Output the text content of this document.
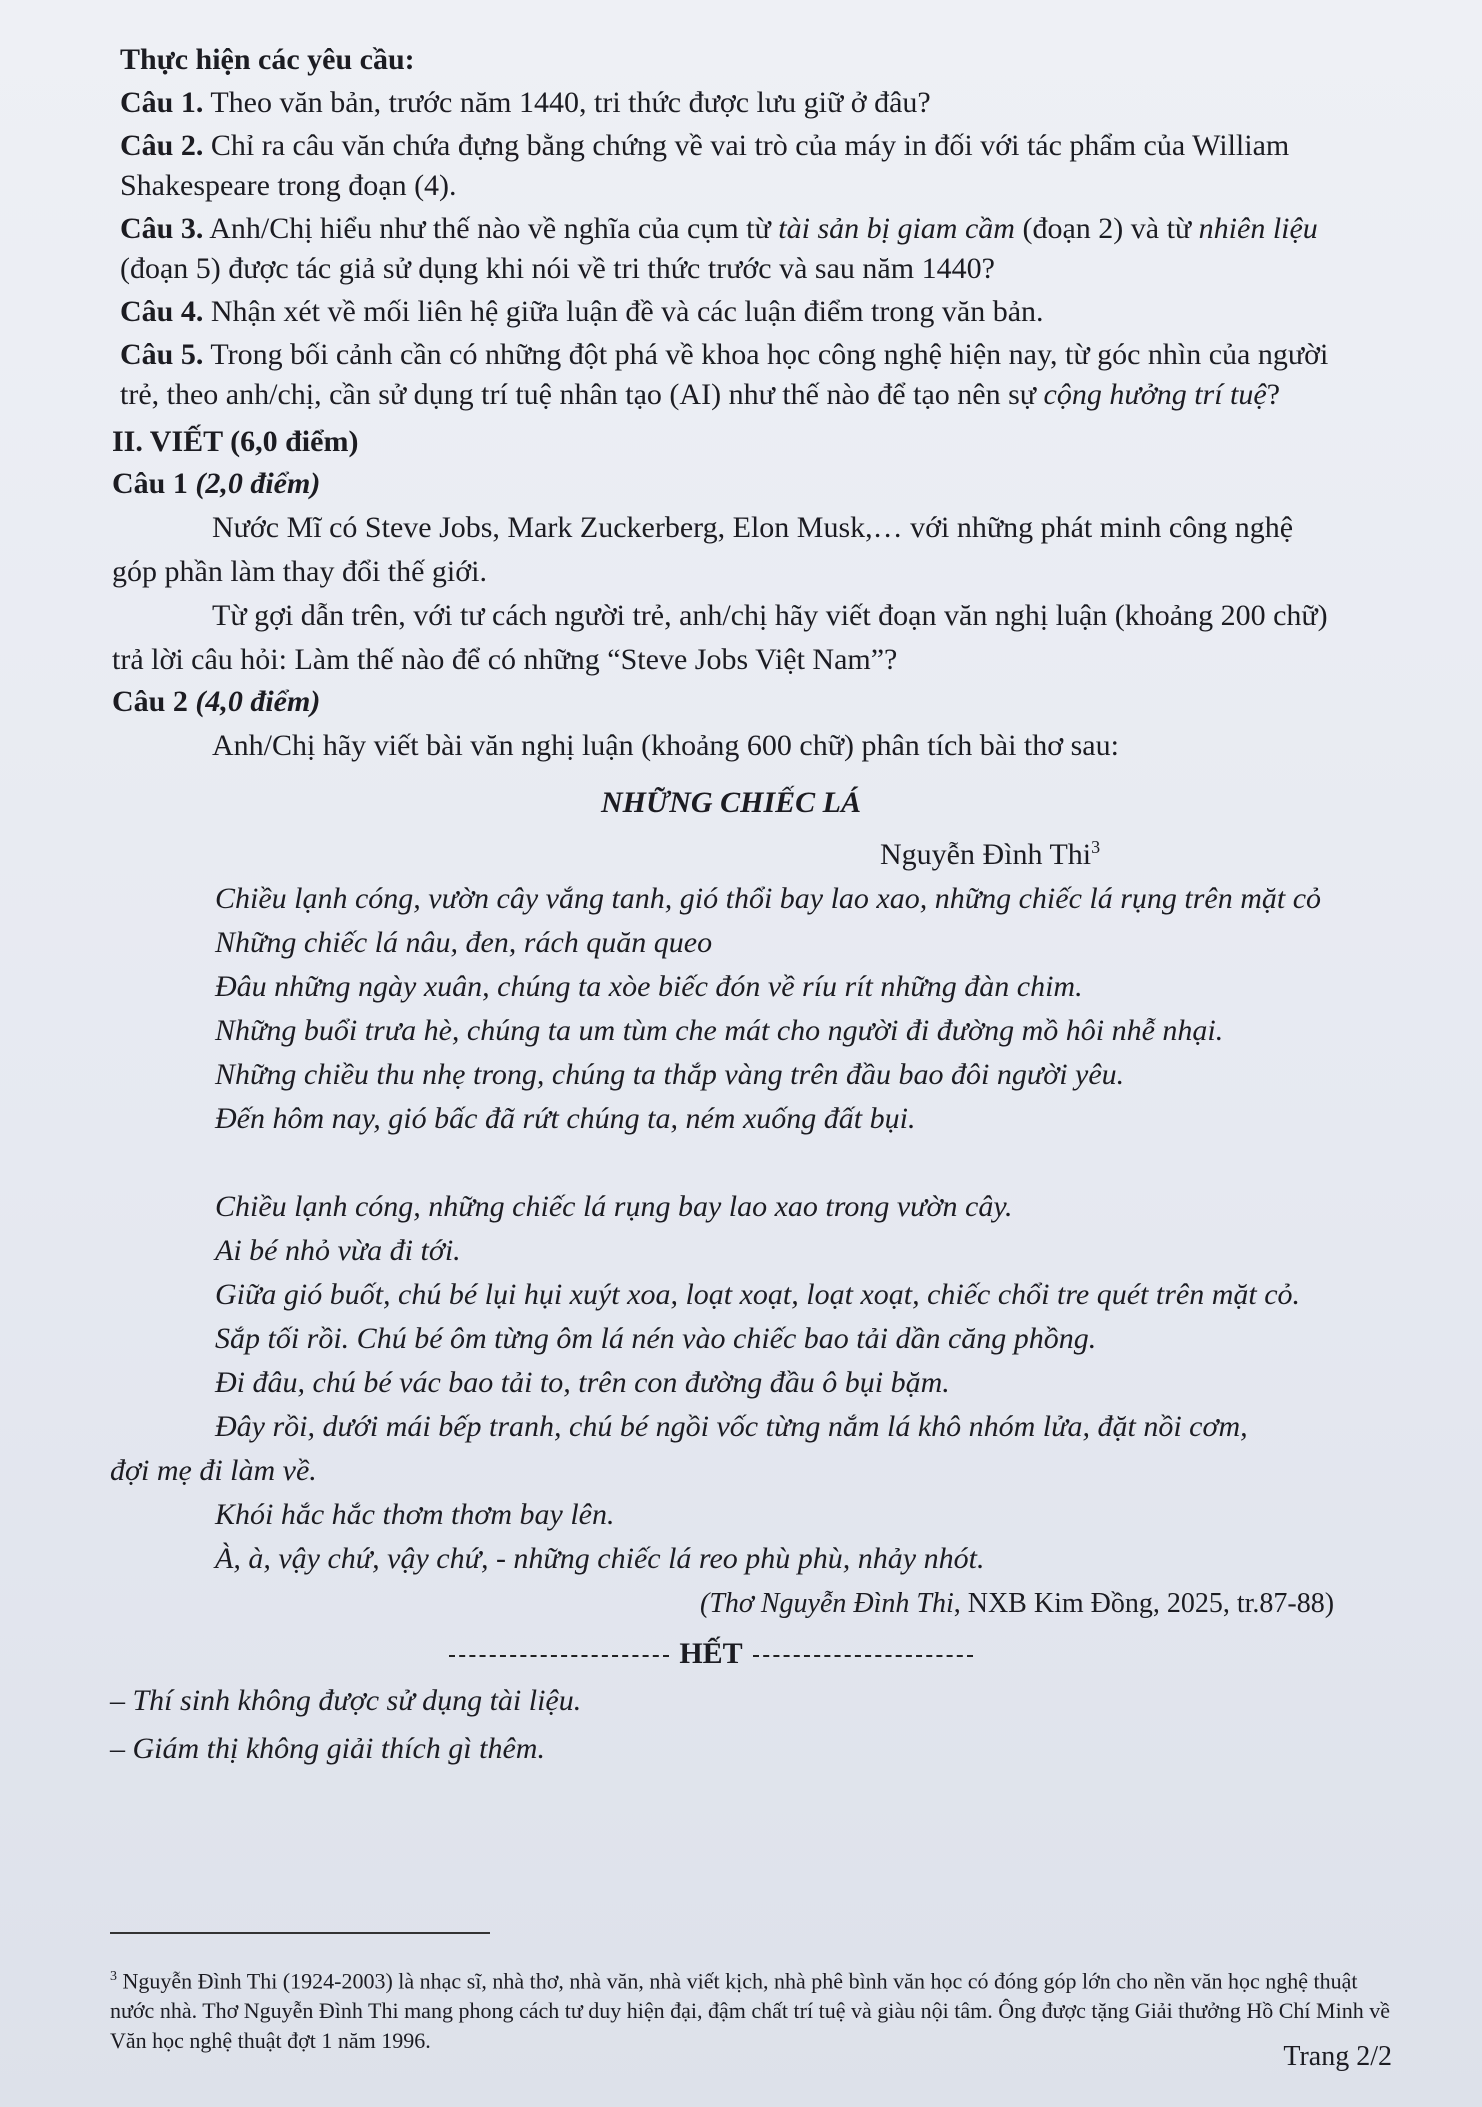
Thực hiện các yêu cầu:

Câu 1. Theo văn bản, trước năm 1440, tri thức được lưu giữ ở đâu?

Câu 2. Chỉ ra câu văn chứa đựng bằng chứng về vai trò của máy in đối với tác phẩm của William

Shakespeare trong đoạn (4).

Câu 3. Anh/Chị hiểu như thế nào về nghĩa của cụm từ tài sản bị giam cầm (đoạn 2) và từ nhiên liệu

(đoạn 5) được tác giả sử dụng khi nói về tri thức trước và sau năm 1440?

Câu 4. Nhận xét về mối liên hệ giữa luận đề và các luận điểm trong văn bản.

Câu 5. Trong bối cảnh cần có những đột phá về khoa học công nghệ hiện nay, từ góc nhìn của người

trẻ, theo anh/chị, cần sử dụng trí tuệ nhân tạo (AI) như thế nào để tạo nên sự cộng hưởng trí tuệ?

II. VIẾT (6,0 điểm)

Câu 1 (2,0 điểm)

Nước Mĩ có Steve Jobs, Mark Zuckerberg, Elon Musk,… với những phát minh công nghệ

góp phần làm thay đổi thế giới.

Từ gợi dẫn trên, với tư cách người trẻ, anh/chị hãy viết đoạn văn nghị luận (khoảng 200 chữ)

trả lời câu hỏi: Làm thế nào để có những “Steve Jobs Việt Nam”?

Câu 2 (4,0 điểm)

Anh/Chị hãy viết bài văn nghị luận (khoảng 600 chữ) phân tích bài thơ sau:

NHỮNG CHIẾC LÁ

Nguyễn Đình Thi$^3$

Chiều lạnh cóng, vườn cây vắng tanh, gió thổi bay lao xao, những chiếc lá rụng trên mặt cỏ

Những chiếc lá nâu, đen, rách quăn queo

Đâu những ngày xuân, chúng ta xòe biếc đón về ríu rít những đàn chim.

Những buổi trưa hè, chúng ta um tùm che mát cho người đi đường mồ hôi nhễ nhại.

Những chiều thu nhẹ trong, chúng ta thắp vàng trên đầu bao đôi người yêu.

Đến hôm nay, gió bấc đã rứt chúng ta, ném xuống đất bụi.

Chiều lạnh cóng, những chiếc lá rụng bay lao xao trong vườn cây.

Ai bé nhỏ vừa đi tới.

Giữa gió buốt, chú bé lụi hụi xuýt xoa, loạt xoạt, loạt xoạt, chiếc chổi tre quét trên mặt cỏ.

Sắp tối rồi. Chú bé ôm từng ôm lá nén vào chiếc bao tải dần căng phồng.

Đi đâu, chú bé vác bao tải to, trên con đường đầu ô bụi bặm.

Đây rồi, dưới mái bếp tranh, chú bé ngồi vốc từng nắm lá khô nhóm lửa, đặt nồi cơm,

đợi mẹ đi làm về.

Khói hắc hắc thơm thơm bay lên.

À, à, vậy chứ, vậy chứ, - những chiếc lá reo phù phù, nhảy nhót.

(Thơ Nguyễn Đình Thi, NXB Kim Đồng, 2025, tr.87-88)

HẾT

– Thí sinh không được sử dụng tài liệu.

– Giám thị không giải thích gì thêm.

$^3$ Nguyễn Đình Thi (1924-2003) là nhạc sĩ, nhà thơ, nhà văn, nhà viết kịch, nhà phê bình văn học có đóng góp lớn cho nền văn học nghệ thuật nước nhà. Thơ Nguyễn Đình Thi mang phong cách tư duy hiện đại, đậm chất trí tuệ và giàu nội tâm. Ông được tặng Giải thưởng Hồ Chí Minh về Văn học nghệ thuật đợt 1 năm 1996.

Trang 2/2
